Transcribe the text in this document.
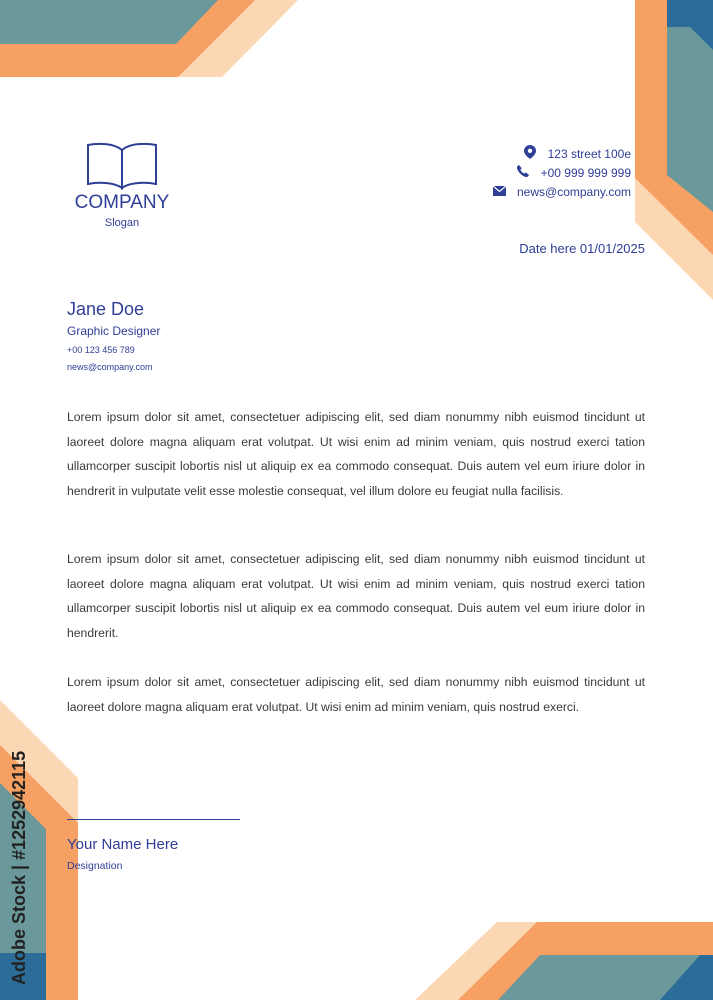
COMPANY
Slogan
123 street 100e
+00 999 999 999
news@company.com
Date here 01/01/2025
Jane Doe
Graphic Designer
+00 123 456 789
news@company.com

Lorem ipsum dolor sit amet, consectetuer adipiscing elit, sed diam nonummy nibh euismod tincidunt ut laoreet dolore magna aliquam erat volutpat. Ut wisi enim ad minim veniam, quis nostrud exerci tation ullamcorper suscipit lobortis nisl ut aliquip ex ea commodo consequat. Duis autem vel eum iriure dolor in hendrerit in vulputate velit esse molestie consequat, vel illum dolore eu feugiat nulla facilisis.

Lorem ipsum dolor sit amet, consectetuer adipiscing elit, sed diam nonummy nibh euismod tincidunt ut laoreet dolore magna aliquam erat volutpat. Ut wisi enim ad minim veniam, quis nostrud exerci tation ullamcorper suscipit lobortis nisl ut aliquip ex ea commodo consequat. Duis autem vel eum iriure dolor in hendrerit.

Lorem ipsum dolor sit amet, consectetuer adipiscing elit, sed diam nonummy nibh euismod tincidunt ut laoreet dolore magna aliquam erat volutpat. Ut wisi enim ad minim veniam, quis nostrud exerci.

Your Name Here
Designation
Adobe Stock | #1252942115
